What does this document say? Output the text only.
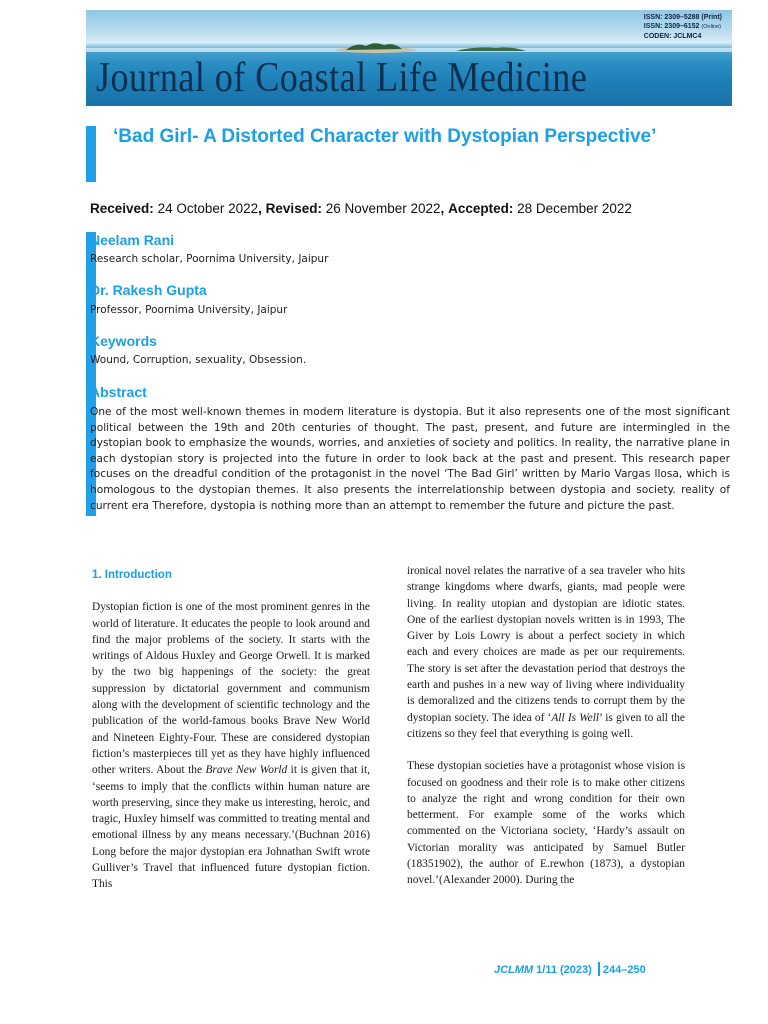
ISSN: 2309–5288 (Print)
ISSN: 2309–6152 (Online)
CODEN: JCLMC4
Journal of Coastal Life Medicine
‘Bad Girl- A Distorted Character with Dystopian Perspective’
Received: 24 October 2022, Revised: 26 November 2022, Accepted: 28 December 2022
Neelam Rani
Research scholar, Poornima University, Jaipur
Dr. Rakesh Gupta
Professor, Poornima University, Jaipur
Keywords
Wound, Corruption, sexuality, Obsession.
Abstract
One of the most well-known themes in modern literature is dystopia. But it also represents one of the most significant political between the 19th and 20th centuries of thought. The past, present, and future are intermingled in the dystopian book to emphasize the wounds, worries, and anxieties of society and politics. In reality, the narrative plane in each dystopian story is projected into the future in order to look back at the past and present. This research paper focuses on the dreadful condition of the protagonist in the novel ‘The Bad Girl’ written by Mario Vargas llosa, which is homologous to the dystopian themes. It also presents the interrelationship between dystopia and society. reality of current era Therefore, dystopia is nothing more than an attempt to remember the future and picture the past.

1. Introduction

Dystopian fiction is one of the most prominent genres in the world of literature. It educates the people to look around and find the major problems of the society. It starts with the writings of Aldous Huxley and George Orwell. It is marked by the two big happenings of the society: the great suppression by dictatorial government and communism along with the development of scientific technology and the publication of the world-famous books Brave New World and Nineteen Eighty-Four. These are considered dystopian fiction’s masterpieces till yet as they have highly influenced other writers. About the Brave New World it is given that it, ‘seems to imply that the conflicts within human nature are worth preserving, since they make us interesting, heroic, and tragic, Huxley himself was committed to treating mental and emotional illness by any means necessary.’(Buchnan 2016) Long before the major dystopian era Johnathan Swift wrote Gulliver’s Travel that influenced future dystopian fiction. This

ironical novel relates the narrative of a sea traveler who hits strange kingdoms where dwarfs, giants, mad people were living. In reality utopian and dystopian are idiotic states. One of the earliest dystopian novels written is in 1993, The Giver by Lois Lowry is about a perfect society in which each and every choices are made as per our requirements. The story is set after the devastation period that destroys the earth and pushes in a new way of living where individuality is demoralized and the citizens tends to corrupt them by the dystopian society. The idea of ‘All Is Well’ is given to all the citizens so they feel that everything is going well.

These dystopian societies have a protagonist whose vision is focused on goodness and their role is to make other citizens to analyze the right and wrong condition for their own betterment. For example some of the works which commented on the Victoriana society, ‘Hardy’s assault on Victorian morality was anticipated by Samuel Butler (18351902), the author of E.rewhon (1873), a dystopian novel.’(Alexander 2000). During the

JCLMM 1/11 (2023) 244–250
